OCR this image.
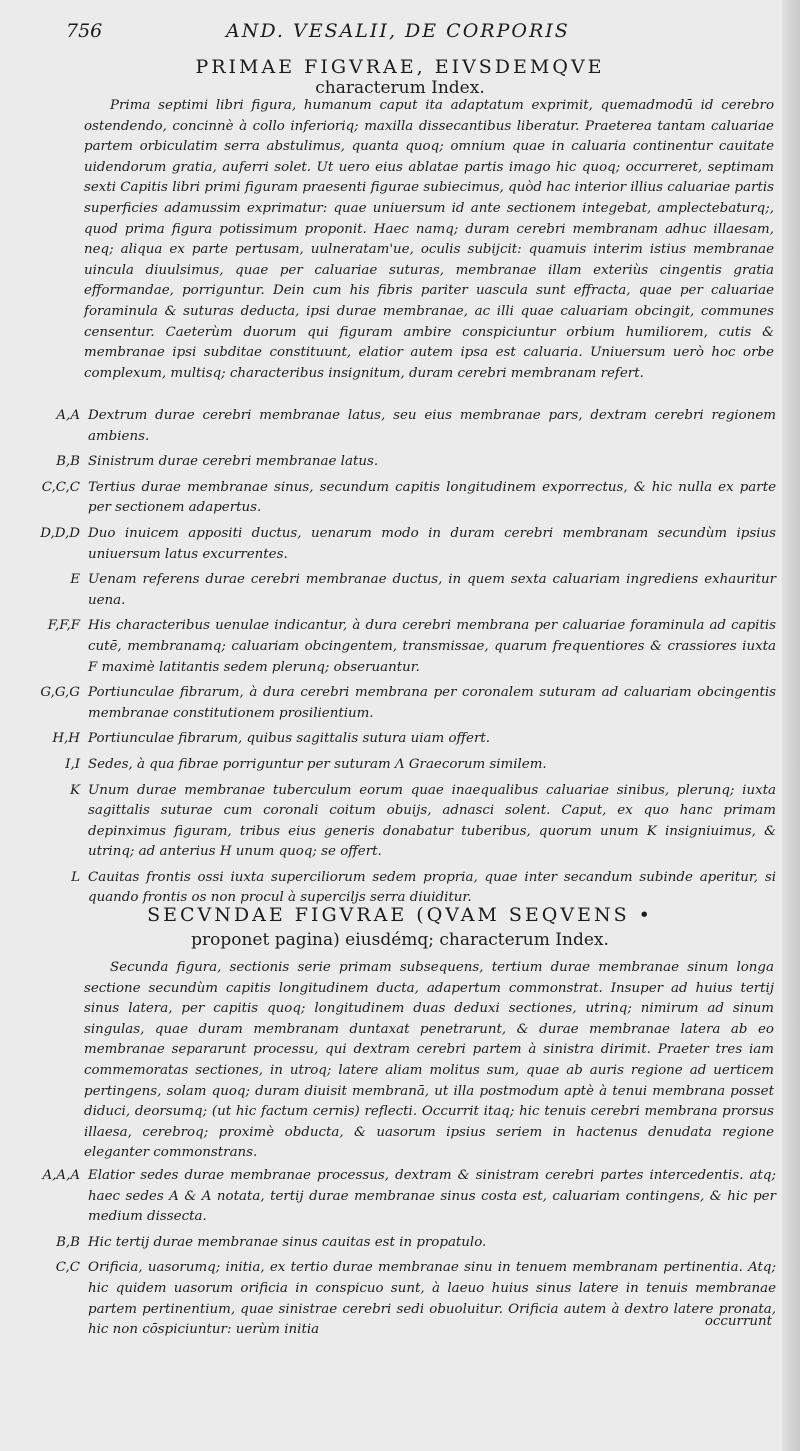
756	AND. VESALII, DE CORPORIS
PRIMAE FIGVRAE, EIVSDEMQVE
characterum Index.

Prima septimi libri figura, humanum caput ita adaptatum exprimit, quemadmodū id cerebro ostendendo, concinnè à collo inferioriq; maxilla dissecantibus liberatur. Praeterea tantam caluariae partem orbiculatim serra abstulimus, quanta quoq; omnium quae in caluaria continentur cauitate uidendorum gratia, auferri solet. Ut uero eius ablatae partis imago hic quoq; occurreret, septimam sexti Capitis libri primi figuram praesenti figurae subiecimus, quòd hac interior illius caluariae partis superficies adamussim exprimatur: quae uniuersum id ante sectionem integebat, amplectebaturq;, quod prima figura potissimum proponit. Haec namq; duram cerebri membranam adhuc illaesam, neq; aliqua ex parte pertusam, uulneratam'ue, oculis subijcit: quamuis interim istius membranae uincula diuulsimus, quae per caluariae suturas, membranae illam exteriùs cingentis gratia efformandae, porriguntur. Dein cum his fibris pariter uascula sunt effracta, quae per caluariae foraminula & suturas deducta, ipsi durae membranae, ac illi quae caluariam obcingit, communes censentur. Caeterùm duorum qui figuram ambire conspiciuntur orbium humiliorem, cutis & membranae ipsi subditae constituunt, elatior autem ipsa est caluaria. Uniuersum uerò hoc orbe complexum, multisq; characteribus insignitum, duram cerebri membranam refert.

A,A Dextrum durae cerebri membranae latus, seu eius membranae pars, dextram cerebri regionem ambiens.
B,B Sinistrum durae cerebri membranae latus.
C,C,C Tertius durae membranae sinus, secundum capitis longitudinem exporrectus, & hic nulla ex parte per sectionem adapertus.
D,D,D Duo inuicem appositi ductus, uenarum modo in duram cerebri membranam secundùm ipsius uniuersum latus excurrentes.
E Uenam referens durae cerebri membranae ductus, in quem sexta caluariam ingrediens exhauritur uena.
F,F,F His characteribus uenulae indicantur, à dura cerebri membrana per caluariae foraminula ad capitis cutē, membranamq; caluariam obcingentem, transmissae, quarum frequentiores & crassiores iuxta F maximè latitantis sedem plerunq; obseruantur.
G,G,G Portiunculae fibrarum, à dura cerebri membrana per coronalem suturam ad caluariam obcingentis membranae constitutionem prosilientium.
H,H Portiunculae fibrarum, quibus sagittalis sutura uiam offert.
I,I Sedes, à qua fibrae porriguntur per suturam Λ Graecorum similem.
K Unum durae membranae tuberculum eorum quae inaequalibus caluariae sinibus, plerunq; iuxta sagittalis suturae cum coronali coitum obuijs, adnasci solent. Caput, ex quo hanc primam depinximus figuram, tribus eius generis donabatur tuberibus, quorum unum K insigniuimus, & utrinq; ad anterius H unum quoq; se offert.
L Cauitas frontis ossi iuxta superciliorum sedem propria, quae inter secandum subinde aperitur, si quando frontis os non procul à superciljs serra diuiditur.
SECVNDAE FIGVRAE (QVAM SEQVENS •
proponet pagina) eiusdémq; characterum Index.

Secunda figura, sectionis serie primam subsequens, tertium durae membranae sinum longa sectione secundùm capitis longitudinem ducta, adapertum commonstrat. Insuper ad huius tertij sinus latera, per capitis quoq; longitudinem duas deduxi sectiones, utrinq; nimirum ad sinum singulas, quae duram membranam duntaxat penetrarunt, & durae membranae latera ab eo membranae separarunt processu, qui dextram cerebri partem à sinistra dirimit. Praeter tres iam commemoratas sectiones, in utroq; latere aliam molitus sum, quae ab auris regione ad uerticem pertingens, solam quoq; duram diuisit membranā, ut illa postmodum aptè à tenui membrana posset diduci, deorsumq; (ut hic factum cernis) reflecti. Occurrit itaq; hic tenuis cerebri membrana prorsus illaesa, cerebroq; proximè obducta, & uasorum ipsius seriem in hactenus denudata regione eleganter commonstrans.

A,A,A Elatior sedes durae membranae processus, dextram & sinistram cerebri partes intercedentis. atq; haec sedes A & A notata, tertij durae membranae sinus costa est, caluariam contingens, & hic per medium dissecta.
B,B Hic tertij durae membranae sinus cauitas est in propatulo.
C,C Orificia, uasorumq; initia, ex tertio durae membranae sinu in tenuem membranam pertinentia. Atq; hic quidem uasorum orificia in conspicuo sunt, à laeuo huius sinus latere in tenuis membranae partem pertinentium, quae sinistrae cerebri sedi obuoluitur. Orificia autem à dextro latere pronata, hic non cōspiciuntur: uerùm initia
occurrunt
